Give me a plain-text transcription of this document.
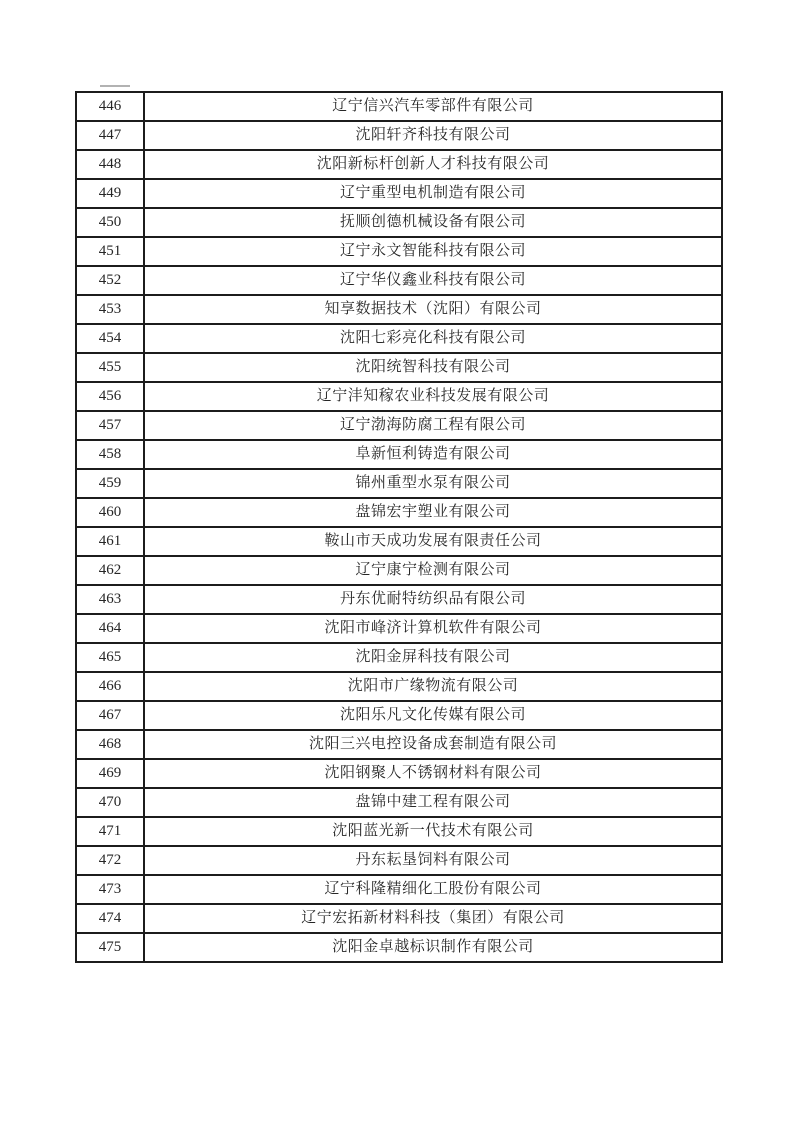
446	辽宁信兴汽车零部件有限公司
447	沈阳轩齐科技有限公司
448	沈阳新标杆创新人才科技有限公司
449	辽宁重型电机制造有限公司
450	抚顺创德机械设备有限公司
451	辽宁永文智能科技有限公司
452	辽宁华仪鑫业科技有限公司
453	知享数据技术（沈阳）有限公司
454	沈阳七彩亮化科技有限公司
455	沈阳统智科技有限公司
456	辽宁沣知稼农业科技发展有限公司
457	辽宁渤海防腐工程有限公司
458	阜新恒利铸造有限公司
459	锦州重型水泵有限公司
460	盘锦宏宇塑业有限公司
461	鞍山市天成功发展有限责任公司
462	辽宁康宁检测有限公司
463	丹东优耐特纺织品有限公司
464	沈阳市峰济计算机软件有限公司
465	沈阳金屏科技有限公司
466	沈阳市广缘物流有限公司
467	沈阳乐凡文化传媒有限公司
468	沈阳三兴电控设备成套制造有限公司
469	沈阳钢聚人不锈钢材料有限公司
470	盘锦中建工程有限公司
471	沈阳蓝光新一代技术有限公司
472	丹东耘垦饲料有限公司
473	辽宁科隆精细化工股份有限公司
474	辽宁宏拓新材料科技（集团）有限公司
475	沈阳金卓越标识制作有限公司
